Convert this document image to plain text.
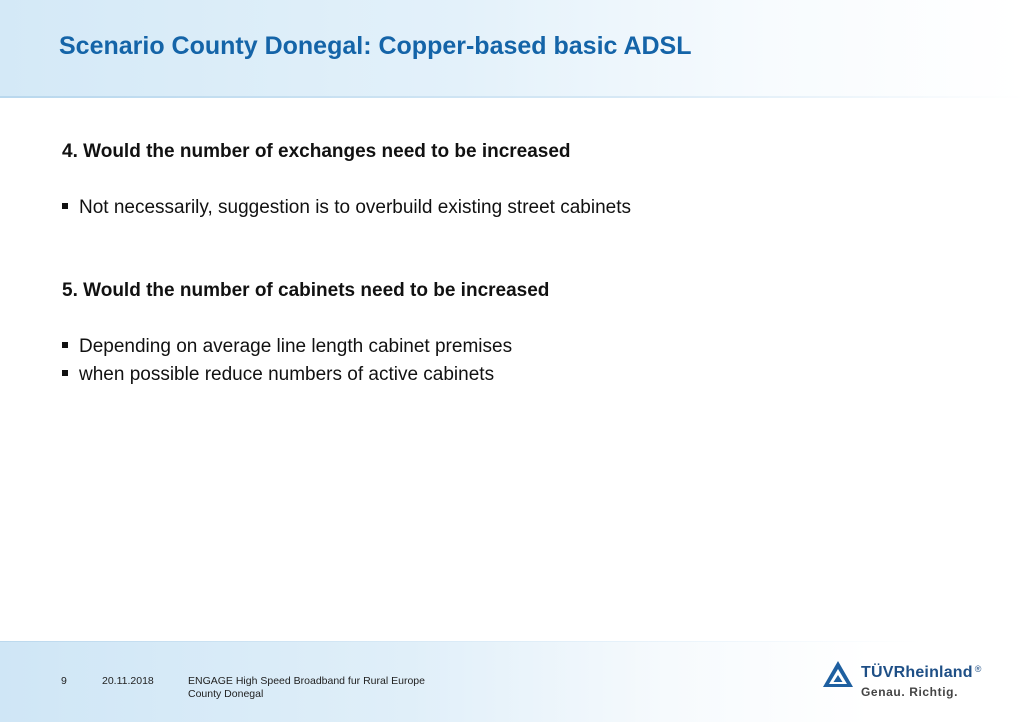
Scenario County Donegal: Copper-based basic ADSL
4. Would the number of exchanges need to be increased
Not necessarily, suggestion is to overbuild existing street cabinets
5. Would the number of cabinets need to be increased
Depending on average line length cabinet premises
when possible reduce numbers of active cabinets
9	20.11.2018	ENGAGE High Speed Broadband fur Rural Europe
County Donegal
TÜVRheinland ®
Genau. Richtig.
